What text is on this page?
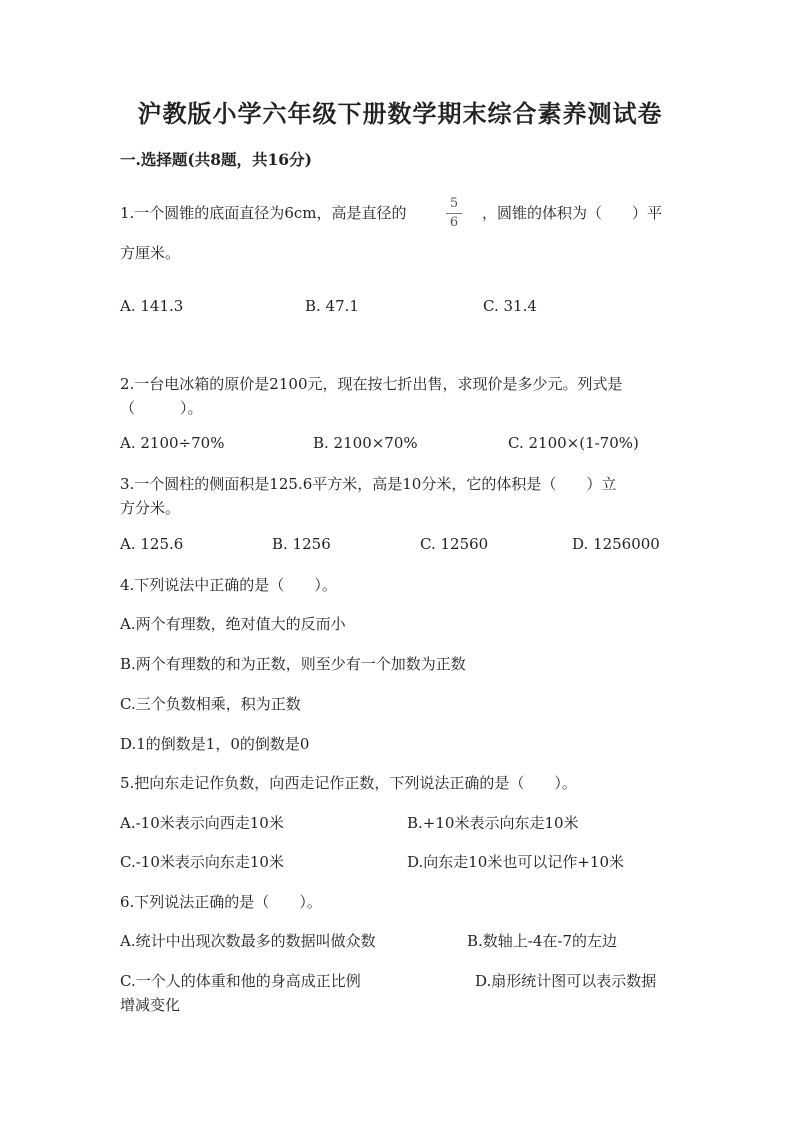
沪教版小学六年级下册数学期末综合素养测试卷
一.选择题(共8题，共16分)
1.一个圆锥的底面直径为6cm，高是直径的
5
6
，圆锥的体积为（　　）平
方厘米。
A. 141.3	B. 47.1	C. 31.4
2.一台电冰箱的原价是2100元，现在按七折出售，求现价是多少元。列式是
（　　　）。
A. 2100÷70%	B. 2100×70%	C. 2100×(1-70%)
3.一个圆柱的侧面积是125.6平方米，高是10分米，它的体积是（　　）立
方分米。
A. 125.6	B. 1256	C. 12560	D. 1256000
4.下列说法中正确的是（　　）。
A.两个有理数，绝对值大的反而小
B.两个有理数的和为正数，则至少有一个加数为正数
C.三个负数相乘，积为正数
D.1的倒数是1，0的倒数是0
5.把向东走记作负数，向西走记作正数，下列说法正确的是（　　）。
A.-10米表示向西走10米	B.+10米表示向东走10米
C.-10米表示向东走10米	D.向东走10米也可以记作+10米
6.下列说法正确的是（　　）。
A.统计中出现次数最多的数据叫做众数	B.数轴上-4在-7的左边
C.一个人的体重和他的身高成正比例	D.扇形统计图可以表示数据
增减变化
